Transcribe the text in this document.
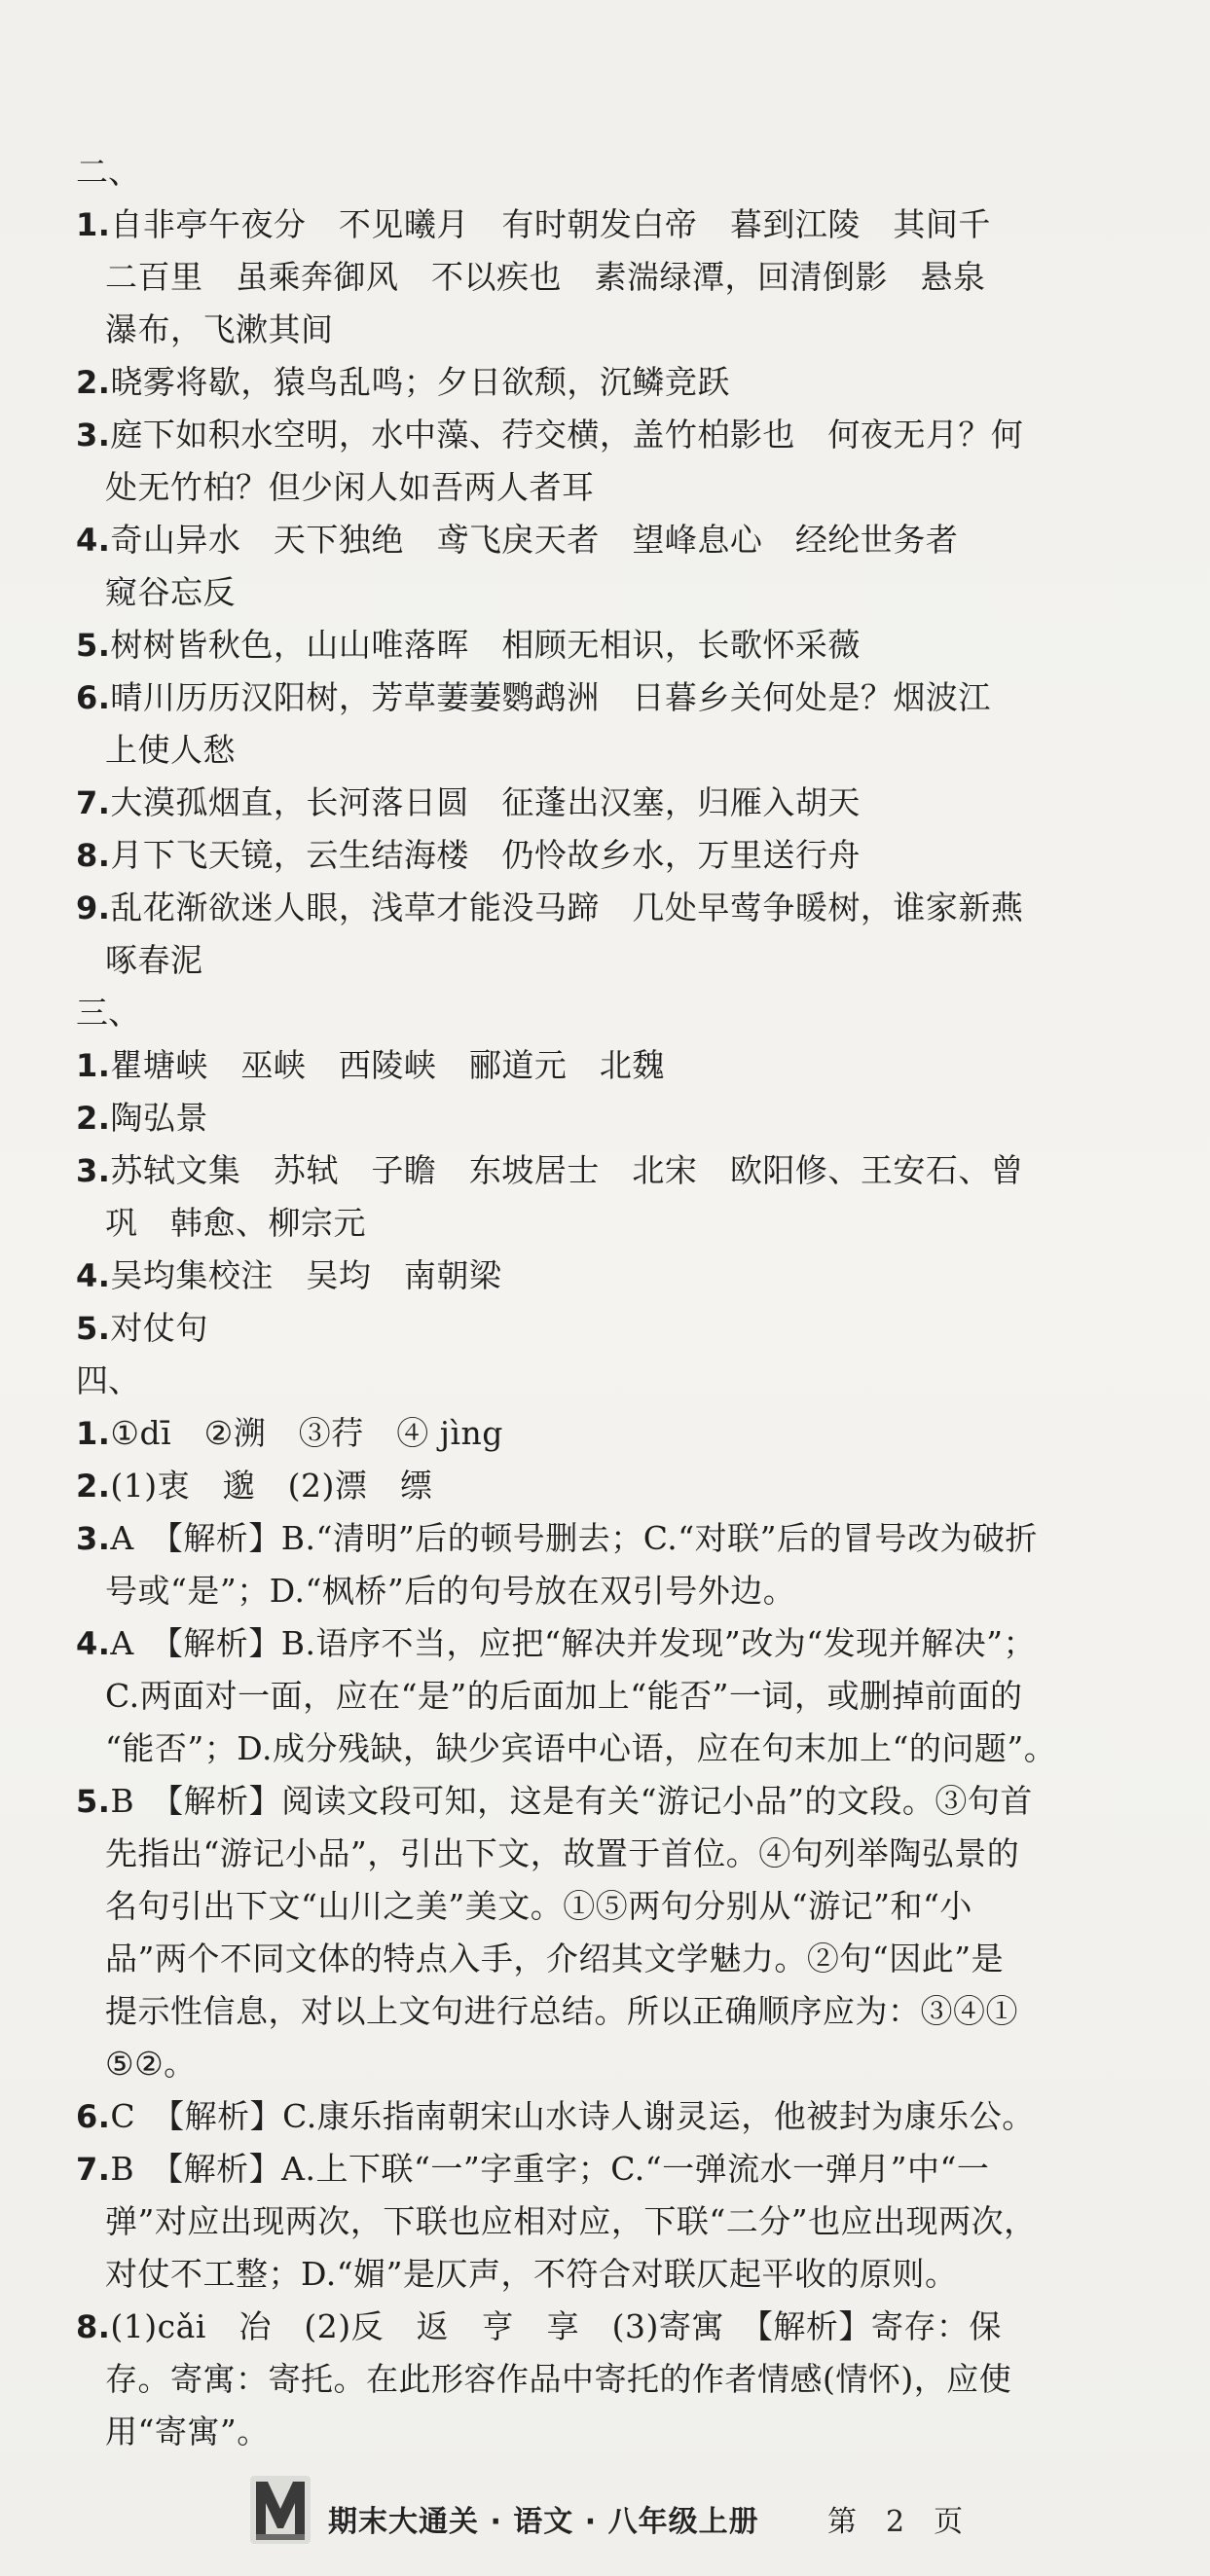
二、
1.自非亭午夜分　不见曦月　有时朝发白帝　暮到江陵　其间千
二百里　虽乘奔御风　不以疾也　素湍绿潭，回清倒影　悬泉
瀑布，飞漱其间
2.晓雾将歇，猿鸟乱鸣；夕日欲颓，沉鳞竞跃
3.庭下如积水空明，水中藻、荇交横，盖竹柏影也　何夜无月？何
处无竹柏？但少闲人如吾两人者耳
4.奇山异水　天下独绝　鸢飞戾天者　望峰息心　经纶世务者
窥谷忘反
5.树树皆秋色，山山唯落晖　相顾无相识，长歌怀采薇
6.晴川历历汉阳树，芳草萋萋鹦鹉洲　日暮乡关何处是？烟波江
上使人愁
7.大漠孤烟直，长河落日圆　征蓬出汉塞，归雁入胡天
8.月下飞天镜，云生结海楼　仍怜故乡水，万里送行舟
9.乱花渐欲迷人眼，浅草才能没马蹄　几处早莺争暖树，谁家新燕
啄春泥
三、
1.瞿塘峡　巫峡　西陵峡　郦道元　北魏
2.陶弘景
3.苏轼文集　苏轼　子瞻　东坡居士　北宋　欧阳修、王安石、曾
巩　韩愈、柳宗元
4.吴均集校注　吴均　南朝梁
5.对仗句
四、
1.①dī　②溯　③荇　④ jìng
2.(1)衷　邈　(2)漂　缥
3.A　【解析】B.“清明”后的顿号删去；C.“对联”后的冒号改为破折
号或“是”；D.“枫桥”后的句号放在双引号外边。
4.A　【解析】B.语序不当，应把“解决并发现”改为“发现并解决”；
C.两面对一面，应在“是”的后面加上“能否”一词，或删掉前面的
“能否”；D.成分残缺，缺少宾语中心语，应在句末加上“的问题”。
5.B　【解析】阅读文段可知，这是有关“游记小品”的文段。③句首
先指出“游记小品”，引出下文，故置于首位。④句列举陶弘景的
名句引出下文“山川之美”美文。①⑤两句分别从“游记”和“小
品”两个不同文体的特点入手，介绍其文学魅力。②句“因此”是
提示性信息，对以上文句进行总结。所以正确顺序应为：③④①
⑤②。
6.C　【解析】C.康乐指南朝宋山水诗人谢灵运，他被封为康乐公。
7.B　【解析】A.上下联“一”字重字；C.“一弹流水一弹月”中“一
弹”对应出现两次，下联也应相对应，下联“二分”也应出现两次，
对仗不工整；D.“媚”是仄声，不符合对联仄起平收的原则。
8.(1)cǎi　冶　(2)反　返　亨　享　(3)寄寓　【解析】寄存：保
存。寄寓：寄托。在此形容作品中寄托的作者情感(情怀)，应使
用“寄寓”。
期末大通关 · 语文 · 八年级上册 第　2　页
